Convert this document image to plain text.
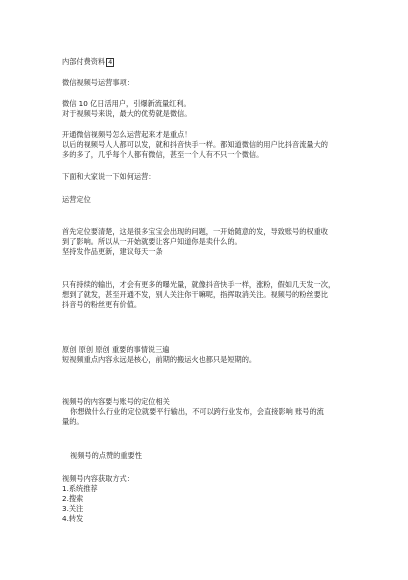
内部付费资料 4
微信视频号运营事项：
微信 10 亿日活用户，引爆新流量红利。
对于视频号来说，最大的优势就是微信。
开通微信视频号怎么运营起来才是重点！
以后的视频号人人都可以发，就和抖音快手一样。都知道微信的用户比抖音流量大的
多的多了，几乎每个人都有微信，甚至一个人有不只一个微信。
下面和大家说一下如何运营：
运营定位
首先定位要清楚，这是很多宝宝会出现的问题，一开始随意的发，导致账号的权重收
到了影响。所以从一开始就要让客户知道你是卖什么的。
坚持发作品更新，建议每天一条
只有持续的输出，才会有更多的曝光量，就像抖音快手一样，涨粉，假如几天发一次，
想到了就发，甚至开通不发，别人关注你干嘛呢，指挥取消关注。视频号的粉丝要比
抖音号的粉丝更有价值。
原创 原创 原创 重要的事情说三遍
短视频重点内容永远是核心，前期的搬运火也都只是短期的。
视频号的内容要与账号的定位相关
你想做什么行业的定位就要平行输出，不可以跨行业发布，会直接影响 账号的流
量的。
视频号的点赞的重要性
视频号内容获取方式：
1.系统推荐
2.搜索
3.关注
4.转发
